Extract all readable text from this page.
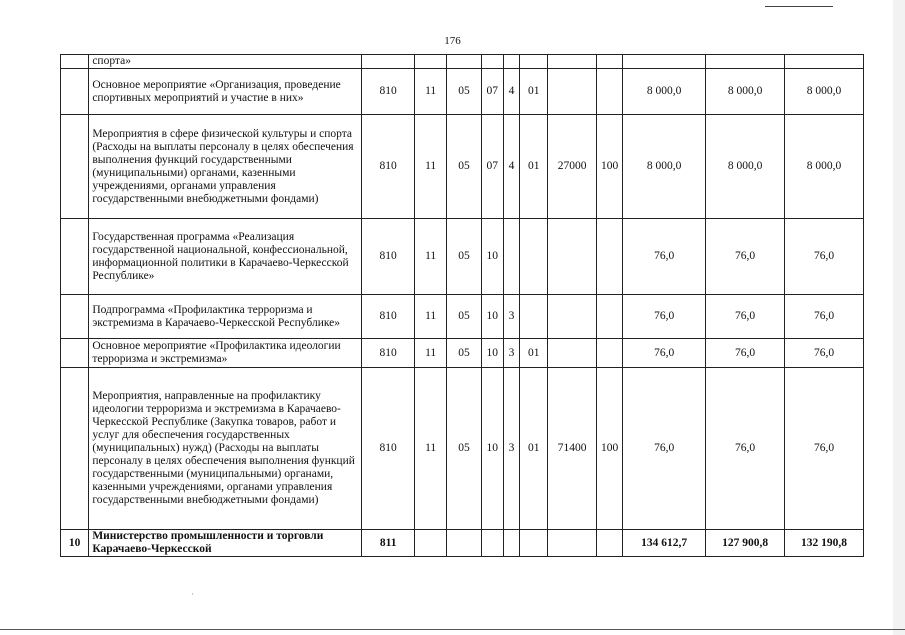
176
	спорта»											
	Основное мероприятие «Организация, проведение спортивных мероприятий и участие в них»	810	11	05	07	4	01			8 000,0	8 000,0	8 000,0
	Мероприятия в сфере физической культуры и спорта (Расходы на выплаты персоналу в целях обеспечения выполнения функций государственными (муниципальными) органами, казенными учреждениями, органами управления государственными внебюджетными фондами)	810	11	05	07	4	01	27000	100	8 000,0	8 000,0	8 000,0
	Государственная программа «Реализация государственной национальной, конфессиональной, информационной политики в Карачаево-Черкесской Республике»	810	11	05	10					76,0	76,0	76,0
	Подпрограмма «Профилактика терроризма и экстремизма в Карачаево-Черкесской Республике»	810	11	05	10	3				76,0	76,0	76,0
	Основное мероприятие «Профилактика идеологии терроризма и экстремизма»	810	11	05	10	3	01			76,0	76,0	76,0
	Мероприятия, направленные на профилактику идеологии терроризма и экстремизма в Карачаево-Черкесской Республике (Закупка товаров, работ и услуг для обеспечения государственных (муниципальных) нужд) (Расходы на выплаты персоналу в целях обеспечения выполнения функций государственными (муниципальными) органами, казенными учреждениями, органами управления государственными внебюджетными фондами)	810	11	05	10	3	01	71400	100	76,0	76,0	76,0
10	Министерство промышленности и торговли Карачаево-Черкесской	811								134 612,7	127 900,8	132 190,8
·
